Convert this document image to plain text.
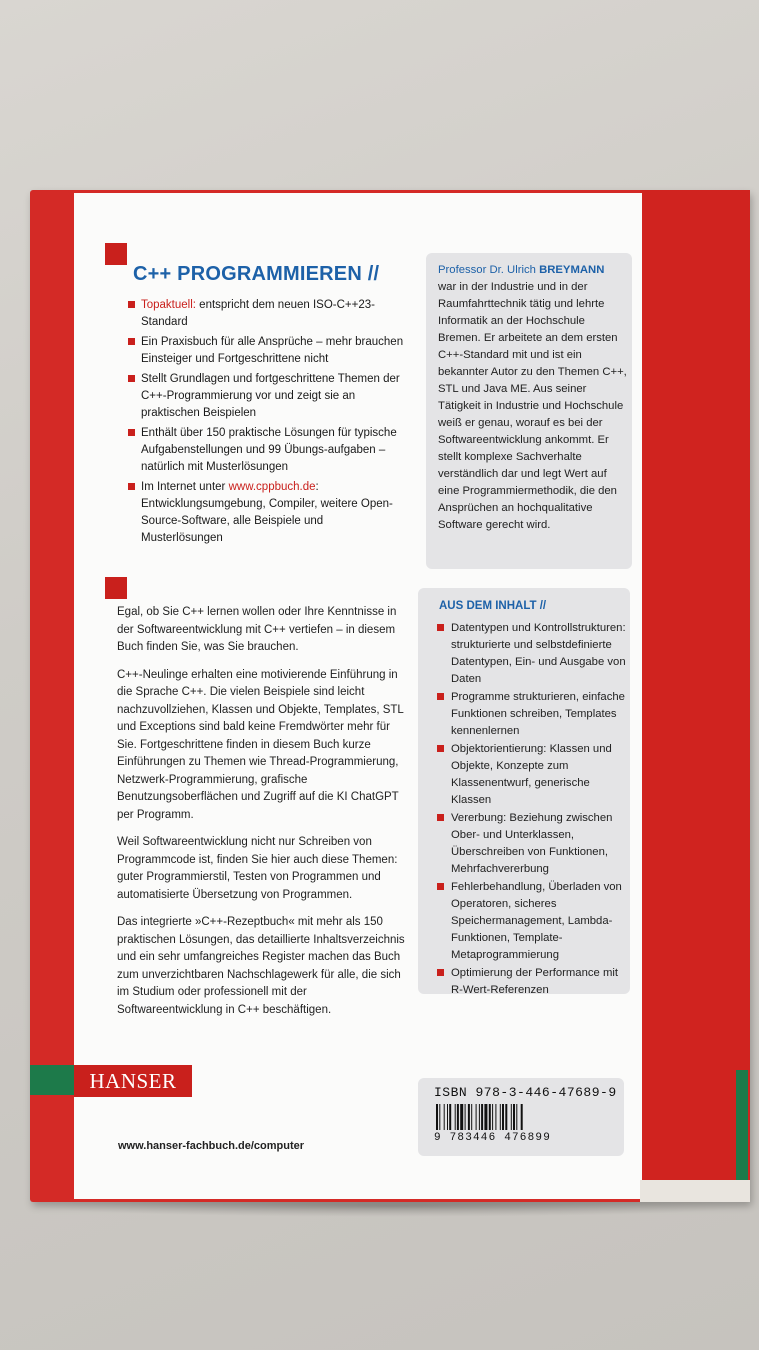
C++ PROGRAMMIEREN //
Topaktuell: entspricht dem neuen ISO-C++23-Standard
Ein Praxisbuch für alle Ansprüche – mehr brauchen Einsteiger und Fortgeschrittene nicht
Stellt Grundlagen und fortgeschrittene Themen der C++-Programmierung vor und zeigt sie an praktischen Beispielen
Enthält über 150 praktische Lösungen für typische Aufgabenstellungen und 99 Übungs-aufgaben – natürlich mit Musterlösungen
Im Internet unter www.cppbuch.de: Entwicklungsumgebung, Compiler, weitere Open-Source-Software, alle Beispiele und Musterlösungen

Egal, ob Sie C++ lernen wollen oder Ihre Kenntnisse in der Softwareentwicklung mit C++ vertiefen – in diesem Buch finden Sie, was Sie brauchen.

C++-Neulinge erhalten eine motivierende Einführung in die Sprache C++. Die vielen Beispiele sind leicht nachzuvollziehen, Klassen und Objekte, Templates, STL und Exceptions sind bald keine Fremdwörter mehr für Sie. Fortgeschrittene finden in diesem Buch kurze Einführungen zu Themen wie Thread-Programmierung, Netzwerk-Programmierung, grafische Benutzungsoberflächen und Zugriff auf die KI ChatGPT per Programm.

Weil Softwareentwicklung nicht nur Schreiben von Programmcode ist, finden Sie hier auch diese Themen: guter Programmierstil, Testen von Programmen und automatisierte Übersetzung von Programmen.

Das integrierte »C++-Rezeptbuch« mit mehr als 150 praktischen Lösungen, das detaillierte Inhaltsverzeichnis und ein sehr umfangreiches Register machen das Buch zum unverzichtbaren Nachschlagewerk für alle, die sich im Studium oder professionell mit der Softwareentwicklung in C++ beschäftigen.

Professor Dr. Ulrich BREYMANN
war in der Industrie und in der Raumfahrttechnik tätig und lehrte Informatik an der Hochschule Bremen. Er arbeitete an dem ersten C++-Standard mit und ist ein bekannter Autor zu den Themen C++, STL und Java ME. Aus seiner Tätigkeit in Industrie und Hochschule weiß er genau, worauf es bei der Softwareentwicklung ankommt. Er stellt komplexe Sachverhalte verständlich dar und legt Wert auf eine Programmiermethodik, die den Ansprüchen an hochqualitative Software gerecht wird.
AUS DEM INHALT //
Datentypen und Kontrollstrukturen: strukturierte und selbstdefinierte Datentypen, Ein- und Ausgabe von Daten
Programme strukturieren, einfache Funktionen schreiben, Templates kennenlernen
Objektorientierung: Klassen und Objekte, Konzepte zum Klassenentwurf, generische Klassen
Vererbung: Beziehung zwischen Ober- und Unterklassen, Überschreiben von Funktionen, Mehrfachvererbung
Fehlerbehandlung, Überladen von Operatoren, sicheres Speichermanagement, Lambda-Funktionen, Template-Metaprogrammierung
Optimierung der Performance mit R-Wert-Referenzen
HANSER
www.hanser-fachbuch.de/computer
ISBN 978-3-446-47689-9
9 783446 476899
